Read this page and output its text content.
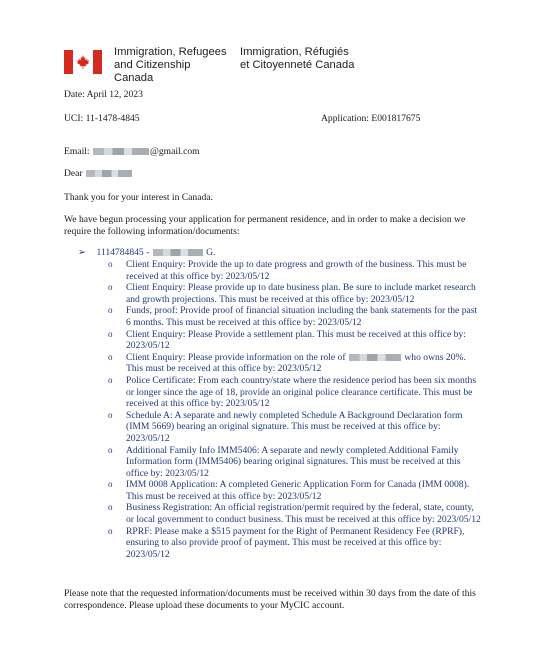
Immigration, Refugees and Citizenship Canada
Immigration, Réfugiés et Citoyenneté Canada
Date: April 12, 2023
UCI: 11-1478-4845	Application: E001817675
Email:	@gmail.com
Dear
Thank you for your interest in Canada.
We have begun processing your application for permanent residence, and in order to make a decision we require the following information/documents:
➢ 1114784845 -	G.
o Client Enquiry: Provide the up to date progress and growth of the business. This must be received at this office by: 2023/05/12
o Client Enquiry: Please provide up to date business plan. Be sure to include market research and growth projections. This must be received at this office by: 2023/05/12
o Funds, proof: Provide proof of financial situation including the bank statements for the past 6 months. This must be received at this office by: 2023/05/12
o Client Enquiry: Please Provide a settlement plan. This must be received at this office by: 2023/05/12
o Client Enquiry: Please provide information on the role of	who owns 20%. This must be received at this office by: 2023/05/12
o Police Certificate: From each country/state where the residence period has been six months or longer since the age of 18, provide an original police clearance certificate. This must be received at this office by: 2023/05/12
o Schedule A: A separate and newly completed Schedule A Background Declaration form (IMM 5669) bearing an original signature. This must be received at this office by: 2023/05/12
o Additional Family Info IMM5406: A separate and newly completed Additional Family Information form (IMM5406) bearing original signatures. This must be received at this office by: 2023/05/12
o IMM 0008 Application: A completed Generic Application Form for Canada (IMM 0008). This must be received at this office by: 2023/05/12
o Business Registration: An official registration/permit required by the federal, state, county, or local government to conduct business. This must be received at this office by: 2023/05/12
o RPRF: Please make a $515 payment for the Right of Permanent Residency Fee (RPRF), ensuring to also provide proof of payment. This must be received at this office by: 2023/05/12
Please note that the requested information/documents must be received within 30 days from the date of this correspondence. Please upload these documents to your MyCIC account.
